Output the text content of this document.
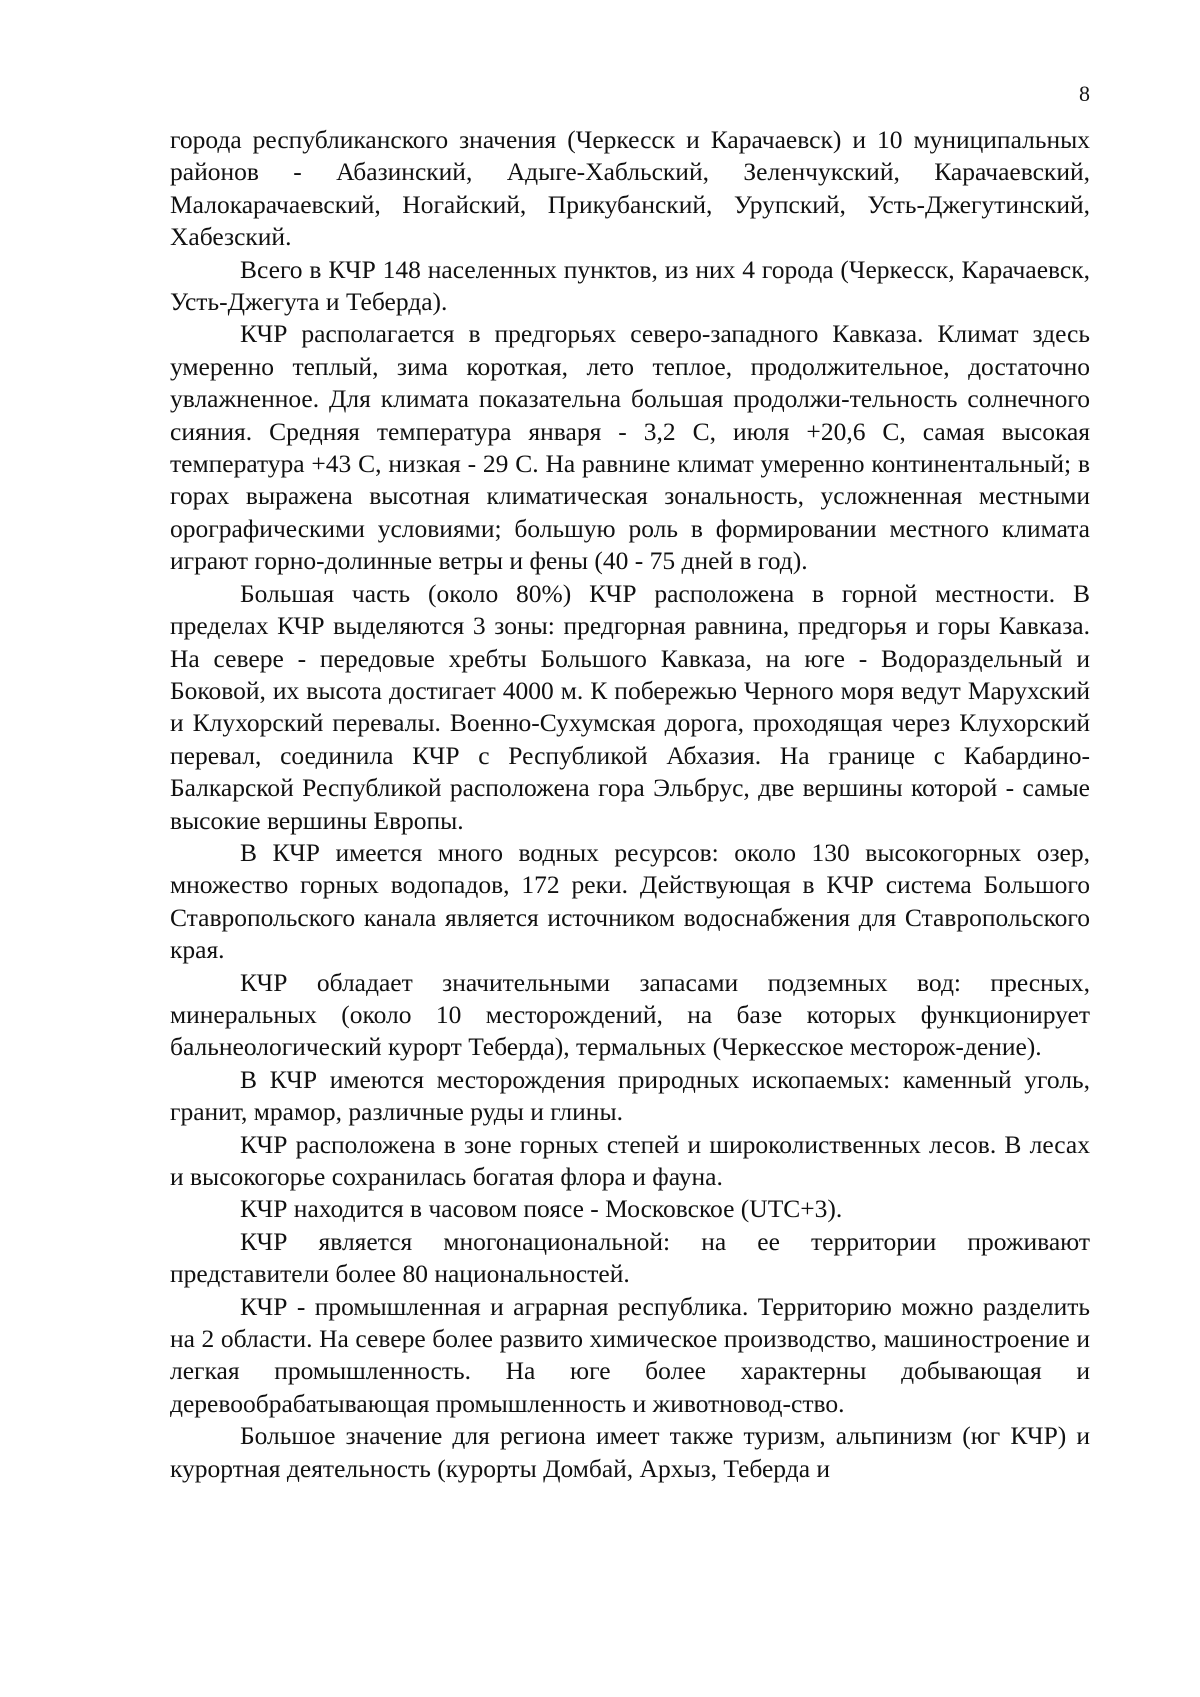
8

города республиканского значения (Черкесск и Карачаевск) и 10 муниципальных районов - Абазинский, Адыге-Хабльский, Зеленчукский, Карачаевский, Малокарачаевский, Ногайский, Прикубанский, Урупский, Усть-Джегутинский, Хабезский.

Всего в КЧР 148 населенных пунктов, из них 4 города (Черкесск, Карачаевск, Усть-Джегута и Теберда).

КЧР располагается в предгорьях северо-западного Кавказа. Климат здесь умеренно теплый, зима короткая, лето теплое, продолжительное, достаточно увлажненное. Для климата показательна большая продолжи-тельность солнечного сияния. Средняя температура января - 3,2 С, июля +20,6 С, самая высокая температура +43 С, низкая - 29 С. На равнине климат умеренно континентальный; в горах выражена высотная климатическая зональность, усложненная местными орографическими условиями; большую роль в формировании местного климата играют горно-долинные ветры и фены (40 - 75 дней в год).

Большая часть (около 80%) КЧР расположена в горной местности. В пределах КЧР выделяются 3 зоны: предгорная равнина, предгорья и горы Кавказа. На севере - передовые хребты Большого Кавказа, на юге - Водораздельный и Боковой, их высота достигает 4000 м. К побережью Черного моря ведут Марухский и Клухорский перевалы. Военно-Сухумская дорога, проходящая через Клухорский перевал, соединила КЧР с Республикой Абхазия. На границе с Кабардино-Балкарской Республикой расположена гора Эльбрус, две вершины которой - самые высокие вершины Европы.

В КЧР имеется много водных ресурсов: около 130 высокогорных озер, множество горных водопадов, 172 реки. Действующая в КЧР система Большого Ставропольского канала является источником водоснабжения для Ставропольского края.

КЧР обладает значительными запасами подземных вод: пресных, минеральных (около 10 месторождений, на базе которых функционирует бальнеологический курорт Теберда), термальных (Черкесское месторож-дение).

В КЧР имеются месторождения природных ископаемых: каменный уголь, гранит, мрамор, различные руды и глины.

КЧР расположена в зоне горных степей и широколиственных лесов. В лесах и высокогорье сохранилась богатая флора и фауна.

КЧР находится в часовом поясе - Московское (UTC+3).

КЧР является многонациональной: на ее территории проживают представители более 80 национальностей.

КЧР - промышленная и аграрная республика. Территорию можно разделить на 2 области. На севере более развито химическое производство, машиностроение и легкая промышленность. На юге более характерны добывающая и деревообрабатывающая промышленность и животновод-ство.

Большое значение для региона имеет также туризм, альпинизм (юг КЧР) и курортная деятельность (курорты Домбай, Архыз, Теберда и
